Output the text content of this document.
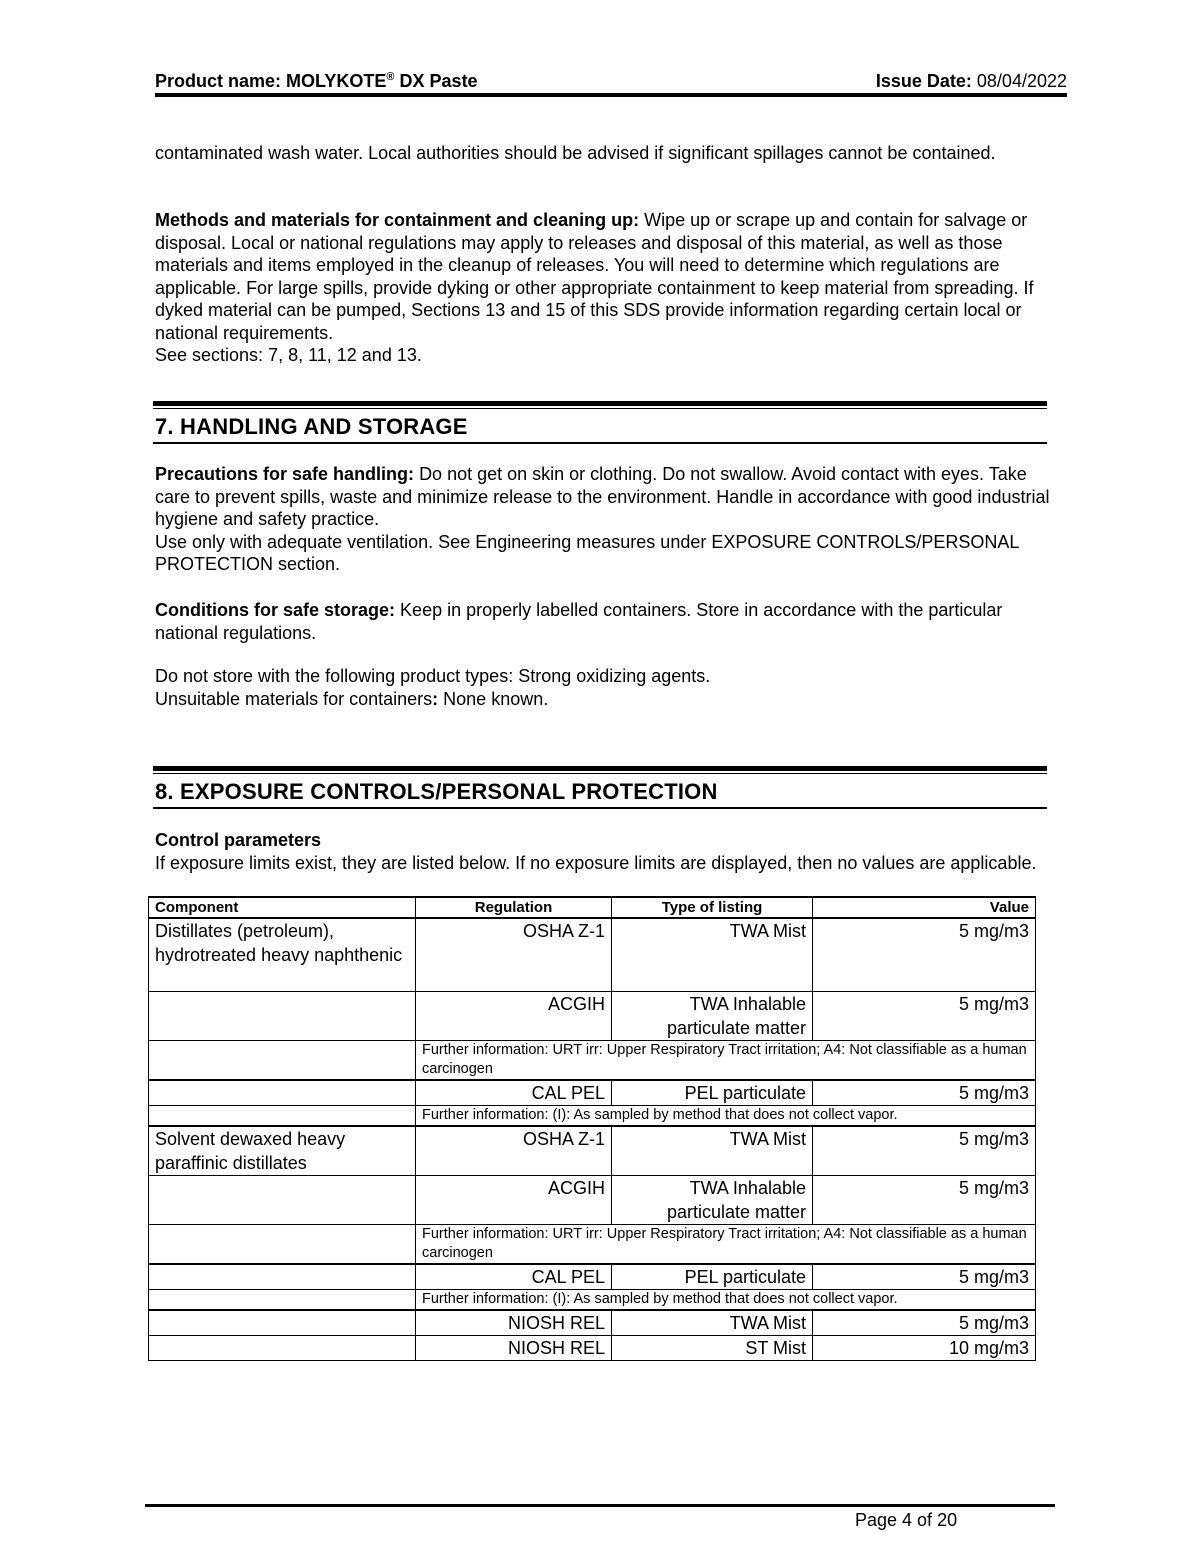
Product name: MOLYKOTE® DX Paste	Issue Date: 08/04/2022
contaminated wash water. Local authorities should be advised if significant spillages cannot be contained.
Methods and materials for containment and cleaning up: Wipe up or scrape up and contain for salvage or disposal. Local or national regulations may apply to releases and disposal of this material, as well as those materials and items employed in the cleanup of releases. You will need to determine which regulations are applicable. For large spills, provide dyking or other appropriate containment to keep material from spreading. If dyked material can be pumped, Sections 13 and 15 of this SDS provide information regarding certain local or national requirements.
See sections: 7, 8, 11, 12 and 13.
7. HANDLING AND STORAGE
Precautions for safe handling: Do not get on skin or clothing. Do not swallow. Avoid contact with eyes. Take care to prevent spills, waste and minimize release to the environment. Handle in accordance with good industrial hygiene and safety practice.
Use only with adequate ventilation. See Engineering measures under EXPOSURE CONTROLS/PERSONAL PROTECTION section.
Conditions for safe storage: Keep in properly labelled containers. Store in accordance with the particular national regulations.
Do not store with the following product types: Strong oxidizing agents.
Unsuitable materials for containers: None known.
8. EXPOSURE CONTROLS/PERSONAL PROTECTION
Control parameters
If exposure limits exist, they are listed below. If no exposure limits are displayed, then no values are applicable.
Component	Regulation	Type of listing	Value
Distillates (petroleum), hydrotreated heavy naphthenic	OSHA Z-1	TWA Mist	5 mg/m3
	ACGIH	TWA Inhalable particulate matter	5 mg/m3
	Further information: URT irr: Upper Respiratory Tract irritation; A4: Not classifiable as a human carcinogen		
	CAL PEL	PEL particulate	5 mg/m3
	Further information: (I): As sampled by method that does not collect vapor.		
Solvent dewaxed heavy paraffinic distillates	OSHA Z-1	TWA Mist	5 mg/m3
	ACGIH	TWA Inhalable particulate matter	5 mg/m3
	Further information: URT irr: Upper Respiratory Tract irritation; A4: Not classifiable as a human carcinogen		
	CAL PEL	PEL particulate	5 mg/m3
	Further information: (I): As sampled by method that does not collect vapor.		
	NIOSH REL	TWA Mist	5 mg/m3
	NIOSH REL	ST Mist	10 mg/m3
Page 4 of 20
